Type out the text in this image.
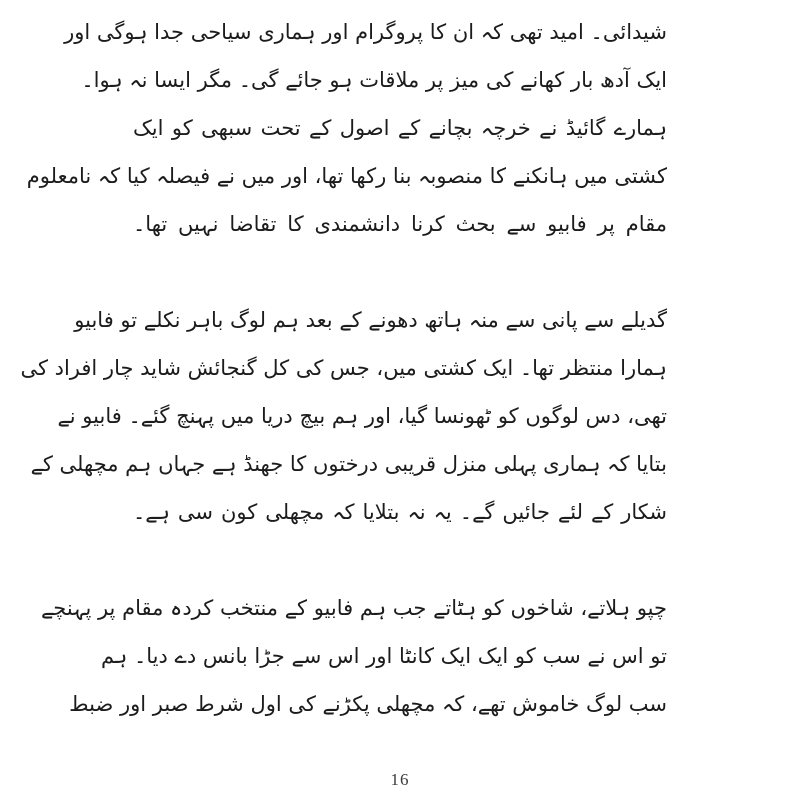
شیدائی۔ امید تھی کہ ان کا پروگرام اور ہماری سیاحی جدا ہوگی اور
ایک آدھ بار کھانے کی میز پر ملاقات ہو جائے گی۔ مگر ایسا نہ ہوا۔
ہمارے گائیڈ نے خرچہ بچانے کے اصول کے تحت سبھی کو ایک
کشتی میں ہانکنے کا منصوبہ بنا رکھا تھا، اور میں نے فیصلہ کیا کہ نامعلوم
مقام پر فابیو سے بحث کرنا دانشمندی کا تقاضا نہیں تھا۔
گدیلے سے پانی سے منہ ہاتھ دھونے کے بعد ہم لوگ باہر نکلے تو فابیو
ہمارا منتظر تھا۔ ایک کشتی میں، جس کی کل گنجائش شاید چار افراد کی
تھی، دس لوگوں کو ٹھونسا گیا، اور ہم بیچ دریا میں پہنچ گئے۔ فابیو نے
بتایا کہ ہماری پہلی منزل قریبی درختوں کا جھنڈ ہے جہاں ہم مچھلی کے
شکار کے لئے جائیں گے۔ یہ نہ بتلایا کہ مچھلی کون سی ہے۔
چپو ہلاتے، شاخوں کو ہٹاتے جب ہم فابیو کے منتخب کردہ مقام پر پہنچے
تو اس نے سب کو ایک ایک کانٹا اور اس سے جڑا بانس دے دیا۔ ہم
سب لوگ خاموش تھے، کہ مچھلی پکڑنے کی اول شرط صبر اور ضبط
16
